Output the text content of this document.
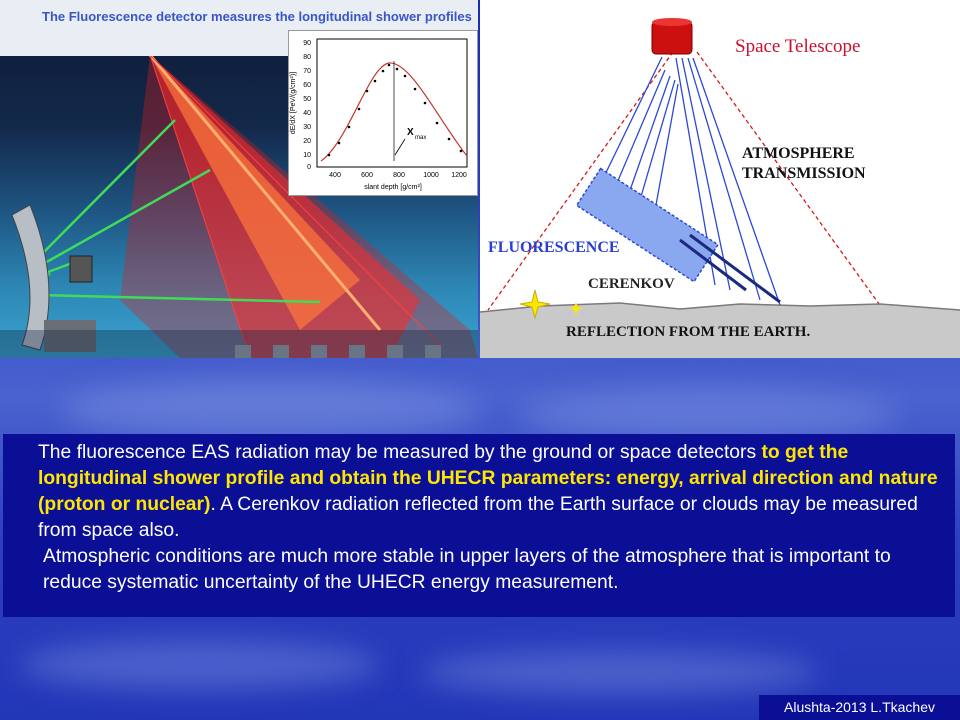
The Fluorescence detector measures the longitudinal shower profiles
90
80
70
60
50
40
30
20
10
0
400	600	800	1000 1200
slant depth [g/cm²]
dE/dX [PeV/(g/cm²)]	X max
Space Telescope
ATMOSPHERE
TRANSMISSION
FLUORESCENCE
CERENKOV
REFLECTION FROM THE EARTH.

The fluorescence EAS radiation may be measured by the ground or space detectors to get the longitudinal shower profile and obtain the UHECR parameters: energy, arrival direction and nature (proton or nuclear). A Cerenkov radiation reflected from the Earth surface or clouds may be measured from space also.

Atmospheric conditions are much more stable in upper layers of the atmosphere that is important to reduce systematic uncertainty of the UHECR energy measurement.

Alushta-2013 L.Tkachev
